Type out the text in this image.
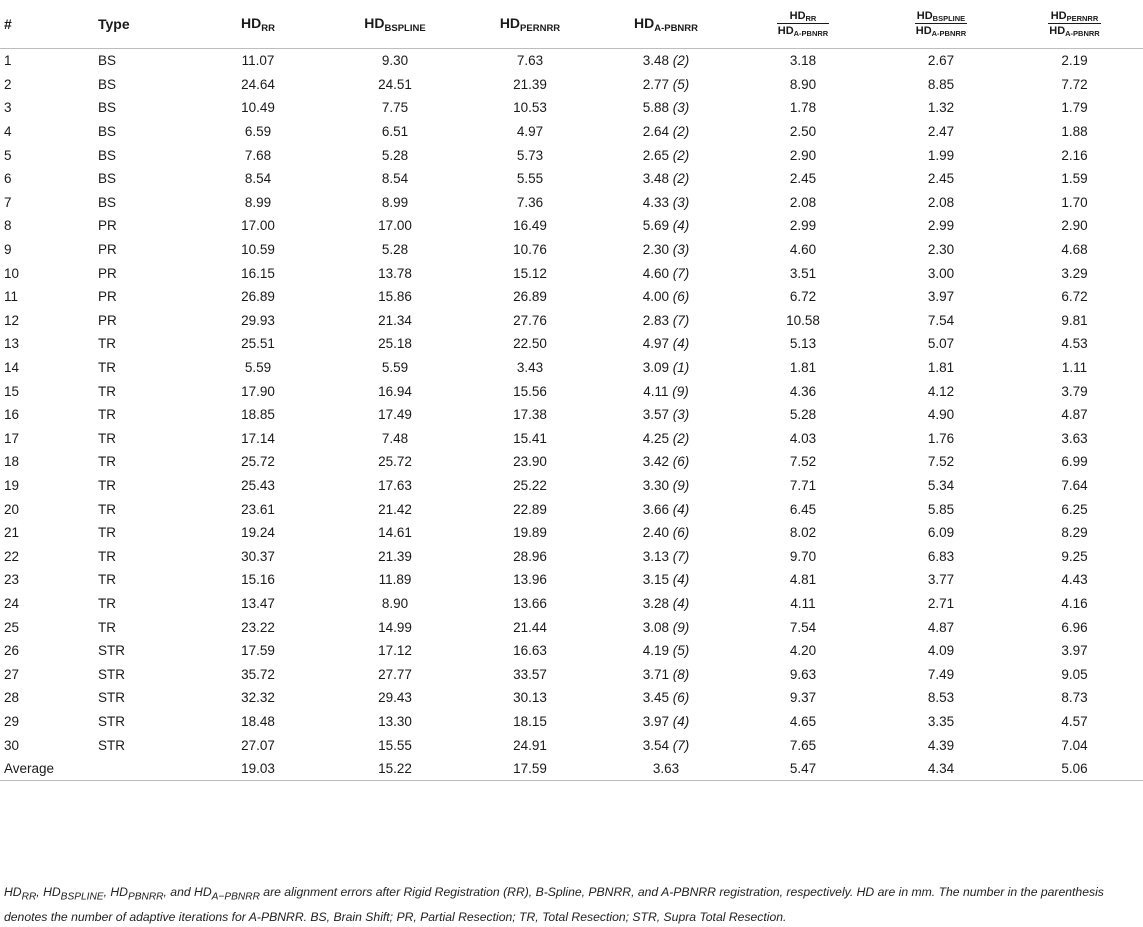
#	Type	$HD_{RR}$	$HD_{BSPLINE}$	$HD_{PERNRR}$	$HD_{A-PBNRR}$	$\frac{\text{HDRR}}{\text{HDA-PBNRR}}$	$\frac{\text{HDBSPLINE}}{\text{HDA-PBNRR}}$	$\frac{\text{HDPERNRR}}{\text{HDA-PBNRR}}$

1	BS	11.07	9.30	7.63	3.48 (2)	3.18	2.67	2.19
2	BS	24.64	24.51	21.39	2.77 (5)	8.90	8.85	7.72
3	BS	10.49	7.75	10.53	5.88 (3)	1.78	1.32	1.79
4	BS	6.59	6.51	4.97	2.64 (2)	2.50	2.47	1.88
5	BS	7.68	5.28	5.73	2.65 (2)	2.90	1.99	2.16
6	BS	8.54	8.54	5.55	3.48 (2)	2.45	2.45	1.59
7	BS	8.99	8.99	7.36	4.33 (3)	2.08	2.08	1.70
8	PR	17.00	17.00	16.49	5.69 (4)	2.99	2.99	2.90
9	PR	10.59	5.28	10.76	2.30 (3)	4.60	2.30	4.68
10	PR	16.15	13.78	15.12	4.60 (7)	3.51	3.00	3.29
11	PR	26.89	15.86	26.89	4.00 (6)	6.72	3.97	6.72
12	PR	29.93	21.34	27.76	2.83 (7)	10.58	7.54	9.81
13	TR	25.51	25.18	22.50	4.97 (4)	5.13	5.07	4.53
14	TR	5.59	5.59	3.43	3.09 (1)	1.81	1.81	1.11
15	TR	17.90	16.94	15.56	4.11 (9)	4.36	4.12	3.79
16	TR	18.85	17.49	17.38	3.57 (3)	5.28	4.90	4.87
17	TR	17.14	7.48	15.41	4.25 (2)	4.03	1.76	3.63
18	TR	25.72	25.72	23.90	3.42 (6)	7.52	7.52	6.99
19	TR	25.43	17.63	25.22	3.30 (9)	7.71	5.34	7.64
20	TR	23.61	21.42	22.89	3.66 (4)	6.45	5.85	6.25
21	TR	19.24	14.61	19.89	2.40 (6)	8.02	6.09	8.29
22	TR	30.37	21.39	28.96	3.13 (7)	9.70	6.83	9.25
23	TR	15.16	11.89	13.96	3.15 (4)	4.81	3.77	4.43
24	TR	13.47	8.90	13.66	3.28 (4)	4.11	2.71	4.16
25	TR	23.22	14.99	21.44	3.08 (9)	7.54	4.87	6.96
26	STR	17.59	17.12	16.63	4.19 (5)	4.20	4.09	3.97
27	STR	35.72	27.77	33.57	3.71 (8)	9.63	7.49	9.05
28	STR	32.32	29.43	30.13	3.45 (6)	9.37	8.53	8.73
29	STR	18.48	13.30	18.15	3.97 (4)	4.65	3.35	4.57
30	STR	27.07	15.55	24.91	3.54 (7)	7.65	4.39	7.04
Average		19.03	15.22	17.59	3.63	5.47	4.34	5.06

$HD_{RR}$, $HD_{BSPLINE}$, $HD_{PBNRR}$, and $HD_{A-PBNRR}$ are alignment errors after Rigid Registration (RR), B-Spline, PBNRR, and A-PBNRR registration, respectively. HD are in mm. The number in the parenthesis denotes the number of adaptive iterations for A-PBNRR. BS, Brain Shift; PR, Partial Resection; TR, Total Resection; STR, Supra Total Resection.
